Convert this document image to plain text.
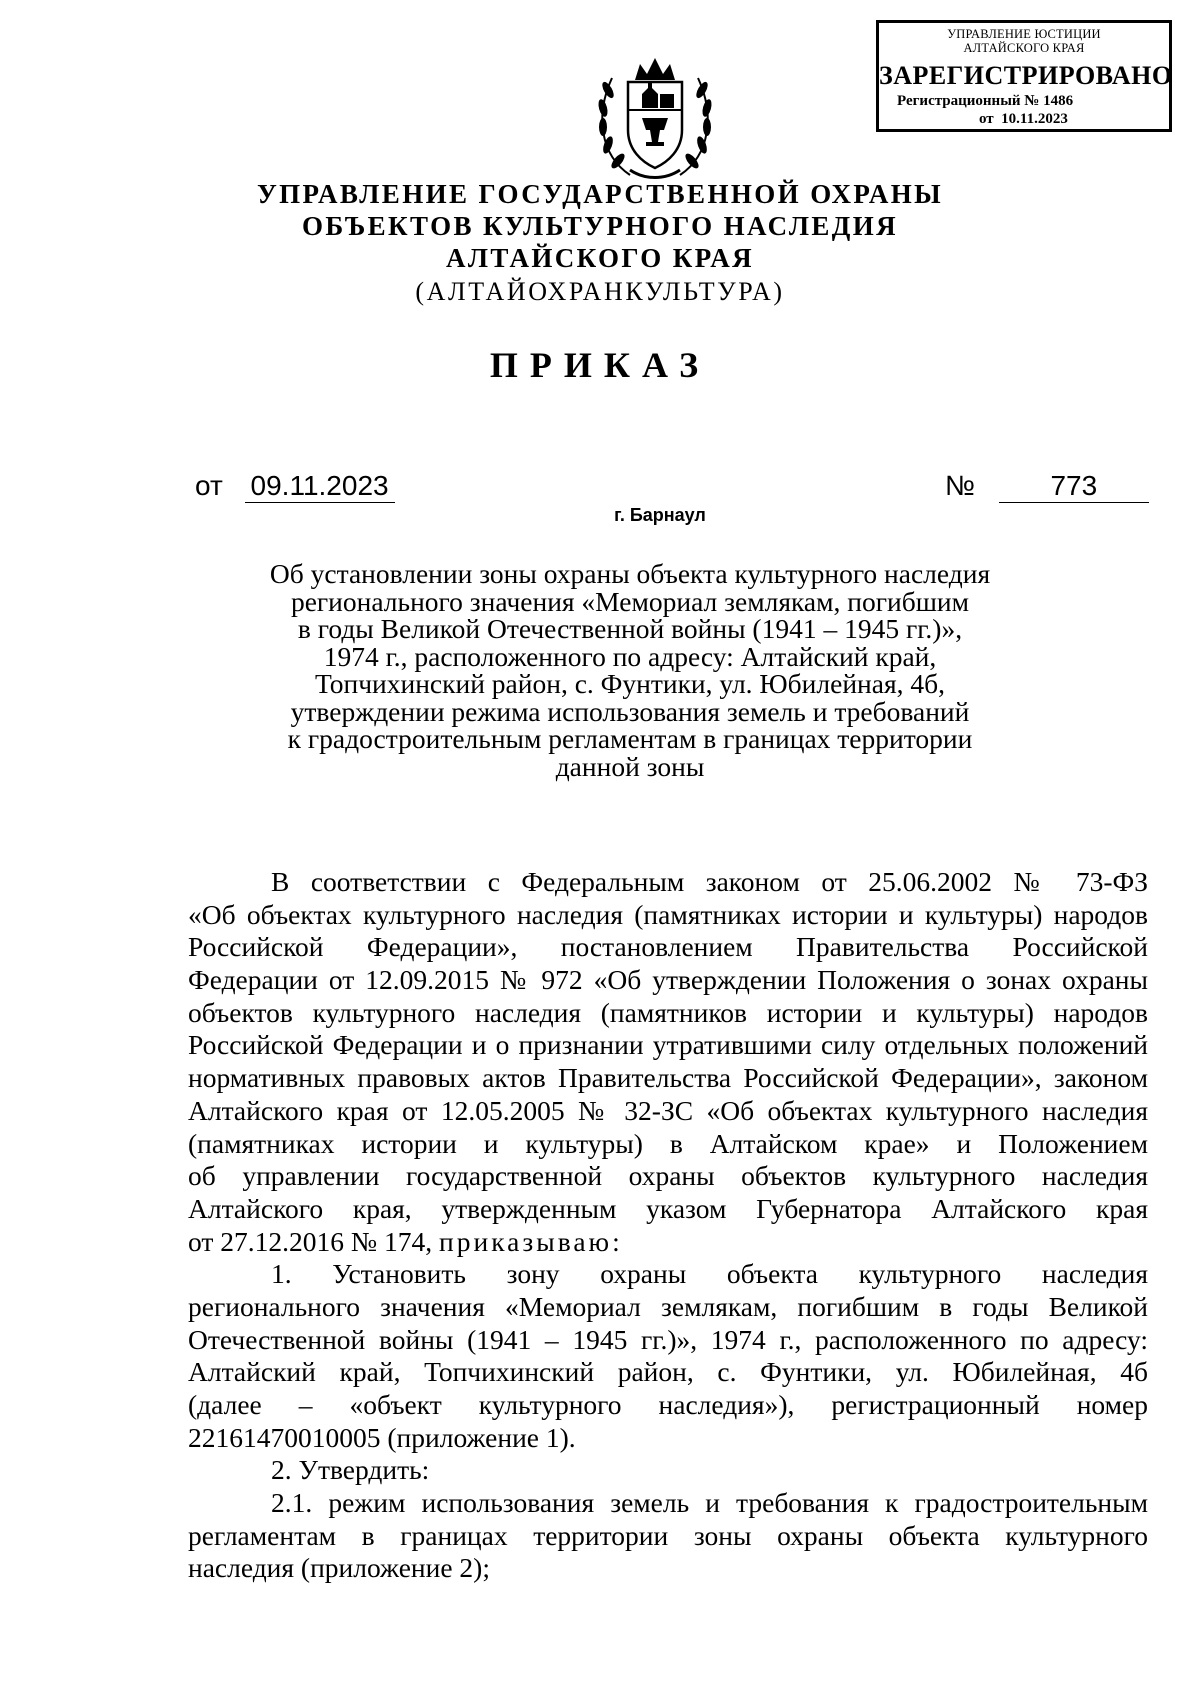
УПРАВЛЕНИЕ ЮСТИЦИИ
АЛТАЙСКОГО КРАЯ
ЗАРЕГИСТРИРОВАНО
Регистрационный № 1486
от  10.11.2023
УПРАВЛЕНИЕ ГОСУДАРСТВЕННОЙ ОХРАНЫ
ОБЪЕКТОВ КУЛЬТУРНОГО НАСЛЕДИЯ
АЛТАЙСКОГО КРАЯ
(АЛТАЙОХРАНКУЛЬТУРА)
ПРИКАЗ
от 09.11.2023	№	773
г. Барнаул
Об установлении зоны охраны объекта культурного наследия
регионального значения «Мемориал землякам, погибшим
в годы Великой Отечественной войны (1941 – 1945 гг.)»,
1974 г., расположенного по адресу: Алтайский край,
Топчихинский район, с. Фунтики, ул. Юбилейная, 4б,
утверждении режима использования земель и требований
к градостроительным регламентам в границах территории
данной зоны
В соответствии с Федеральным законом от 25.06.2002 № 73-ФЗ
«Об объектах культурного наследия (памятниках истории и культуры) народов
Российской Федерации», постановлением Правительства Российской
Федерации от 12.09.2015 № 972 «Об утверждении Положения о зонах охраны
объектов культурного наследия (памятников истории и культуры) народов
Российской Федерации и о признании утратившими силу отдельных положений
нормативных правовых актов Правительства Российской Федерации», законом
Алтайского края от 12.05.2005 № 32-ЗС «Об объектах культурного наследия
(памятниках истории и культуры) в Алтайском крае» и Положением
об управлении государственной охраны объектов культурного наследия
Алтайского края, утвержденным указом Губернатора Алтайского края
от 27.12.2016 № 174, приказываю:
1. Установить зону охраны объекта культурного наследия
регионального значения «Мемориал землякам, погибшим в годы Великой
Отечественной войны (1941 – 1945 гг.)», 1974 г., расположенного по адресу:
Алтайский край, Топчихинский район, с. Фунтики, ул. Юбилейная, 4б
(далее – «объект культурного наследия»), регистрационный номер
22161470010005 (приложение 1).
2. Утвердить:
2.1. режим использования земель и требования к градостроительным
регламентам в границах территории зоны охраны объекта культурного
наследия (приложение 2);
